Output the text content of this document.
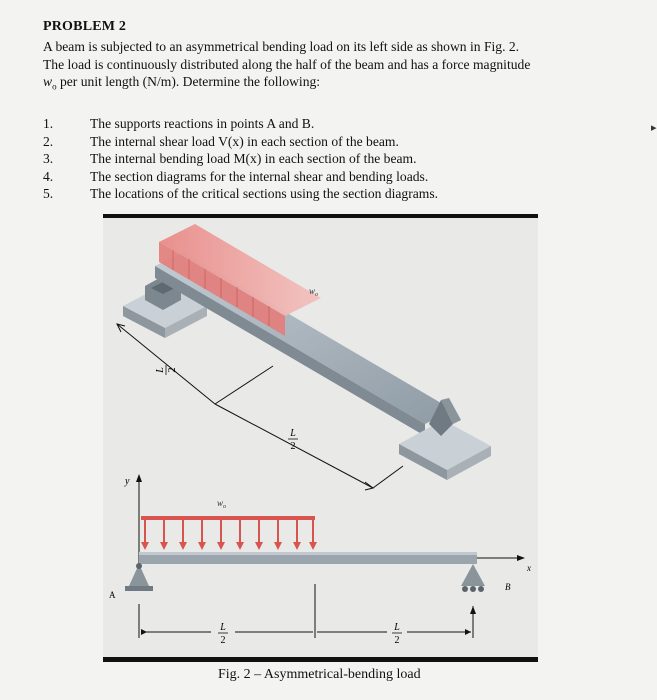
PROBLEM 2
A beam is subjected to an asymmetrical bending load on its left side as shown in Fig. 2.
The load is continuously distributed along the half of the beam and has a force magnitude
$w_o$ per unit length (N/m). Determine the following:
1.	The supports reactions in points A and B.
2.	The internal shear load V(x) in each section of the beam.
3.	The internal bending load M(x) in each section of the beam.
4.	The section diagrams for the internal shear and bending loads.
5.	The locations of the critical sections using the section diagrams.
▸
$w_o$
L 2
L
2
y
$w_o$
x
A
B
L
2
L
2
Fig. 2 – Asymmetrical-bending load
